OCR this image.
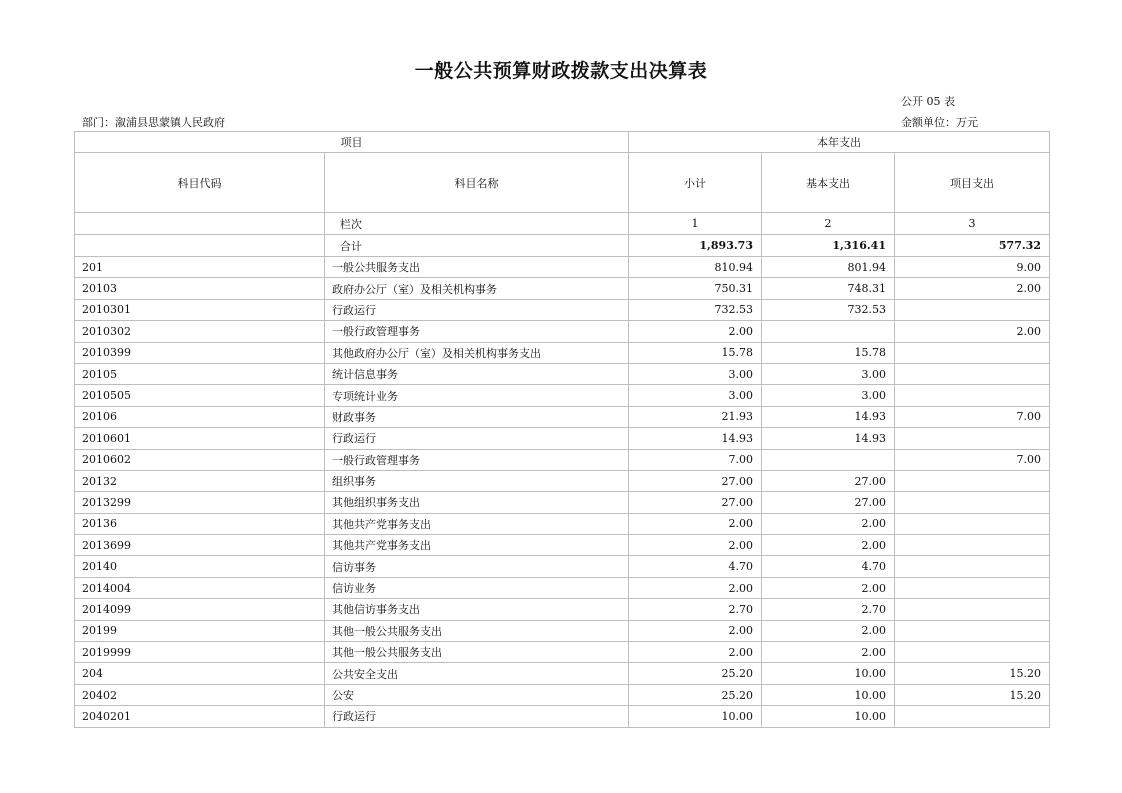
一般公共预算财政拨款支出决算表
公开 05 表
部门：溆浦县思蒙镇人民政府	金额单位：万元
项目		本年支出		
科目代码	科目名称	小计	基本支出	项目支出
	栏次	1	2	3
	合计	1,893.73	1,316.41	577.32
201	一般公共服务支出	810.94	801.94	9.00
20103	政府办公厅（室）及相关机构事务	750.31	748.31	2.00
2010301	行政运行	732.53	732.53	
2010302	一般行政管理事务	2.00		2.00
2010399	其他政府办公厅（室）及相关机构事务支出	15.78	15.78	
20105	统计信息事务	3.00	3.00	
2010505	专项统计业务	3.00	3.00	
20106	财政事务	21.93	14.93	7.00
2010601	行政运行	14.93	14.93	
2010602	一般行政管理事务	7.00		7.00
20132	组织事务	27.00	27.00	
2013299	其他组织事务支出	27.00	27.00	
20136	其他共产党事务支出	2.00	2.00	
2013699	其他共产党事务支出	2.00	2.00	
20140	信访事务	4.70	4.70	
2014004	信访业务	2.00	2.00	
2014099	其他信访事务支出	2.70	2.70	
20199	其他一般公共服务支出	2.00	2.00	
2019999	其他一般公共服务支出	2.00	2.00	
204	公共安全支出	25.20	10.00	15.20
20402	公安	25.20	10.00	15.20
2040201	行政运行	10.00	10.00	
